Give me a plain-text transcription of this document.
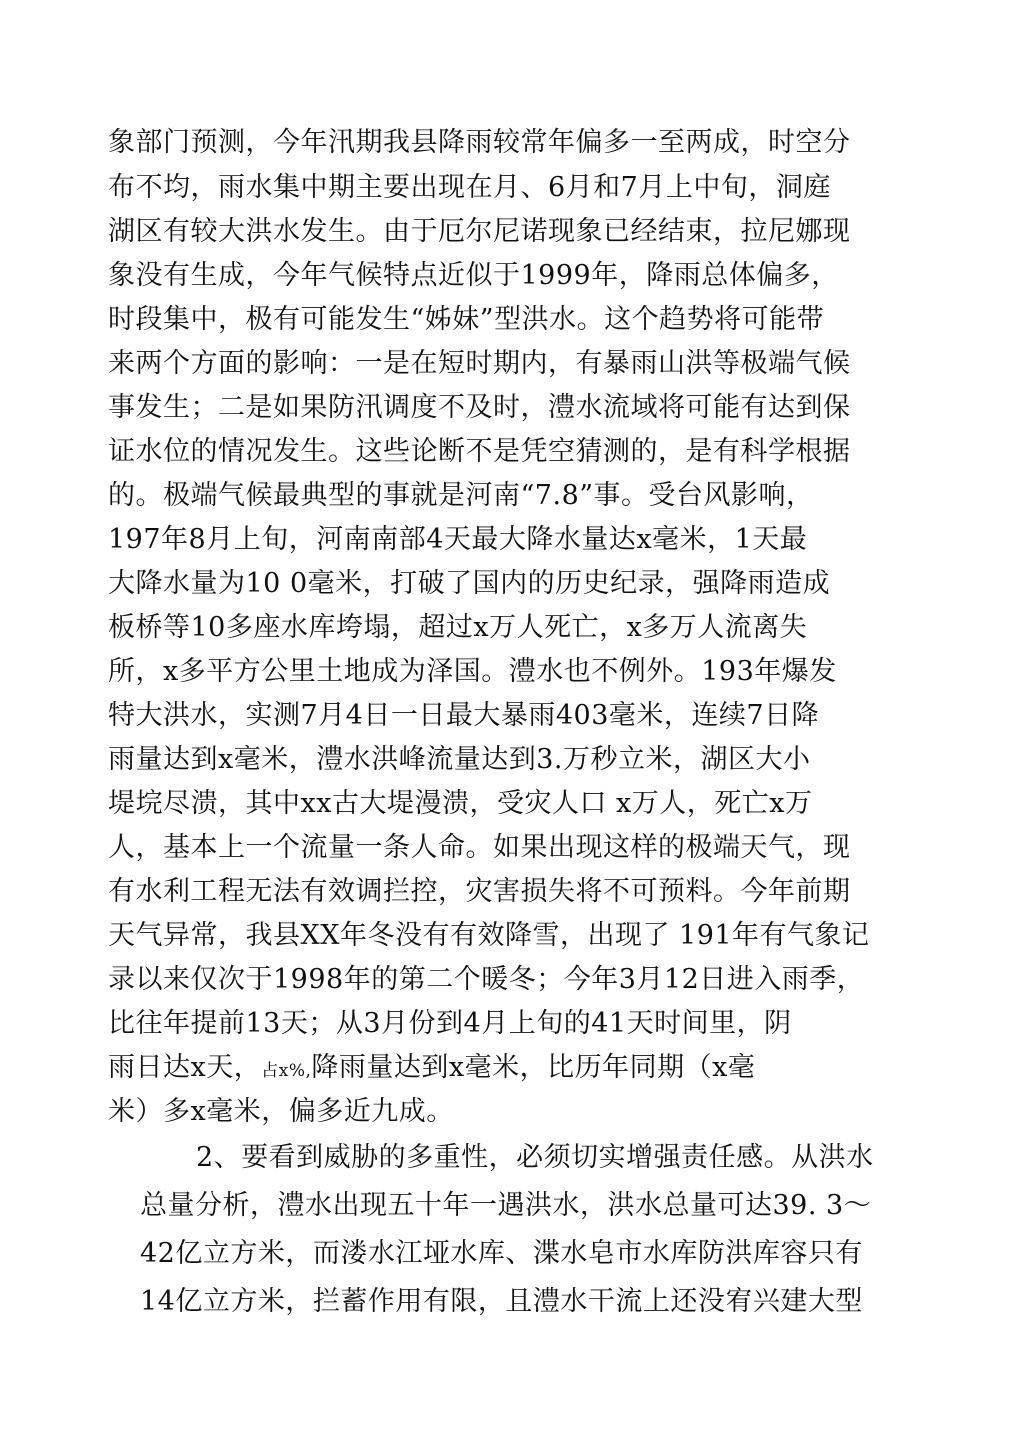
象部门预测，今年汛期我县降雨较常年偏多一至两成，时空分
布不均，雨水集中期主要出现在月、6月和7月上中旬，洞庭
湖区有较大洪水发生。由于厄尔尼诺现象已经结束，拉尼娜现
象没有生成，今年气候特点近似于1999年，降雨总体偏多，
时段集中，极有可能发生“姊妹”型洪水。这个趋势将可能带
来两个方面的影响：一是在短时期内，有暴雨山洪等极端气候
事发生；二是如果防汛调度不及时，澧水流域将可能有达到保
证水位的情况发生。这些论断不是凭空猜测的，是有科学根据
的。极端气候最典型的事就是河南“7.8”事。受台风影响，
197年8月上旬，河南南部4天最大降水量达x毫米，1天最
大降水量为10 0毫米，打破了国内的历史纪录，强降雨造成
板桥等10多座水库垮塌，超过x万人死亡，x多万人流离失
所，x多平方公里土地成为泽国。澧水也不例外。193年爆发
特大洪水，实测7月4日一日最大暴雨403毫米，连续7日降
雨量达到x毫米，澧水洪峰流量达到3.万秒立米，湖区大小
堤垸尽溃，其中xx古大堤漫溃，受灾人口 x万人，死亡x万
人，基本上一个流量一条人命。如果出现这样的极端天气，现
有水利工程无法有效调拦控，灾害损失将不可预料。今年前期
天气异常，我县XX年冬没有有效降雪，出现了 191年有气象记
录以来仅次于1998年的第二个暖冬；今年3月12日进入雨季，
比往年提前13天；从3月份到4月上旬的41天时间里，阴
雨日达x天，占x%,降雨量达到x毫米，比历年同期（x毫
米）多x毫米，偏多近九成。
2、要看到威胁的多重性，必须切实增强责任感。从洪水
总量分析，澧水出现五十年一遇洪水，洪水总量可达39. 3～
42亿立方米，而溇水江垭水库、渫水皂市水库防洪库容只有
14亿立方米，拦蓄作用有限，且澧水干流上还没宥兴建大型
